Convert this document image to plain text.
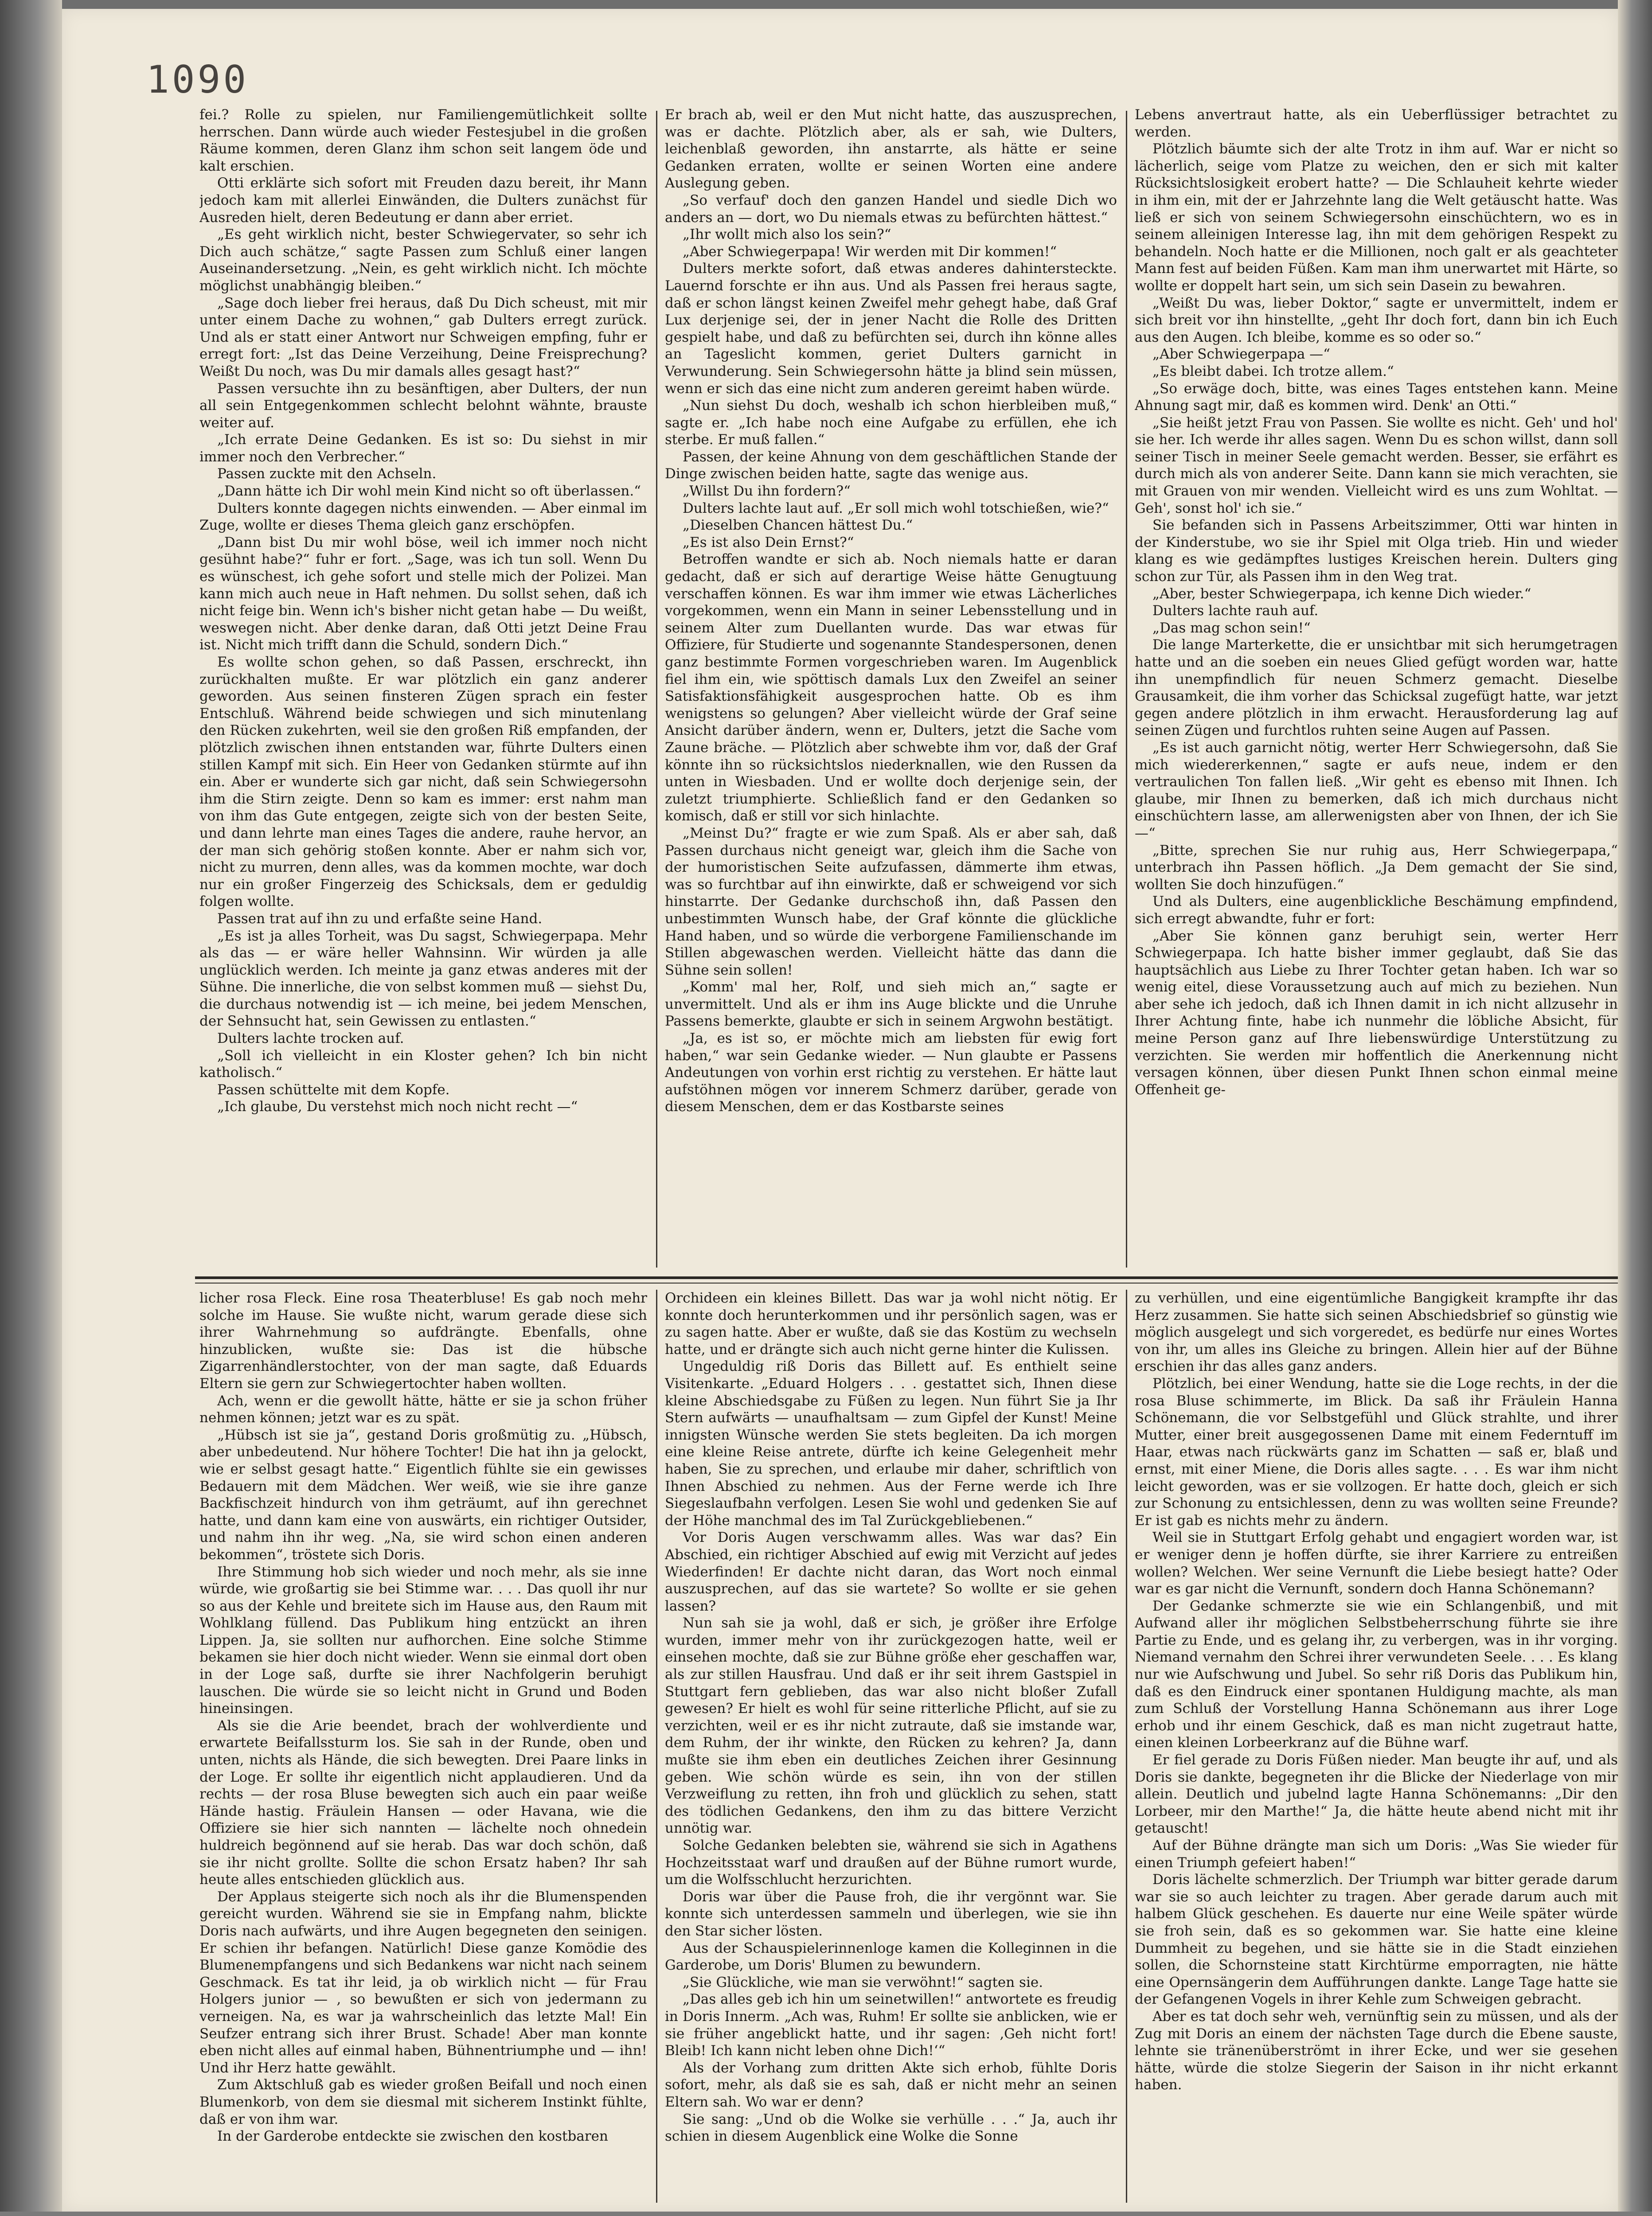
1090

fei.? Rolle zu spielen, nur Familiengemütlichkeit sollte herrschen. Dann würde auch wieder Festesjubel in die großen Räume kommen, deren Glanz ihm schon seit langem öde und kalt erschien.

Otti erklärte sich sofort mit Freuden dazu bereit, ihr Mann jedoch kam mit allerlei Einwänden, die Dulters zunächst für Ausreden hielt, deren Bedeutung er dann aber erriet.

„Es geht wirklich nicht, bester Schwiegervater, so sehr ich Dich auch schätze,“ sagte Passen zum Schluß einer langen Auseinandersetzung. „Nein, es geht wirklich nicht. Ich möchte möglichst unabhängig bleiben.“

„Sage doch lieber frei heraus, daß Du Dich scheust, mit mir unter einem Dache zu wohnen,“ gab Dulters erregt zurück. Und als er statt einer Antwort nur Schweigen empfing, fuhr er erregt fort: „Ist das Deine Verzeihung, Deine Freisprechung? Weißt Du noch, was Du mir damals alles gesagt hast?“

Passen versuchte ihn zu besänftigen, aber Dulters, der nun all sein Entgegenkommen schlecht belohnt wähnte, brauste weiter auf.

„Ich errate Deine Gedanken. Es ist so: Du siehst in mir immer noch den Verbrecher.“

Passen zuckte mit den Achseln.

„Dann hätte ich Dir wohl mein Kind nicht so oft überlassen.“

Dulters konnte dagegen nichts einwenden. — Aber einmal im Zuge, wollte er dieses Thema gleich ganz erschöpfen.

„Dann bist Du mir wohl böse, weil ich immer noch nicht gesühnt habe?“ fuhr er fort. „Sage, was ich tun soll. Wenn Du es wünschest, ich gehe sofort und stelle mich der Polizei. Man kann mich auch neue in Haft nehmen. Du sollst sehen, daß ich nicht feige bin. Wenn ich's bisher nicht getan habe — Du weißt, weswegen nicht. Aber denke daran, daß Otti jetzt Deine Frau ist. Nicht mich trifft dann die Schuld, sondern Dich.“

Es wollte schon gehen, so daß Passen, erschreckt, ihn zurückhalten mußte. Er war plötzlich ein ganz anderer geworden. Aus seinen finsteren Zügen sprach ein fester Entschluß. Während beide schwiegen und sich minutenlang den Rücken zukehrten, weil sie den großen Riß empfanden, der plötzlich zwischen ihnen entstanden war, führte Dulters einen stillen Kampf mit sich. Ein Heer von Gedanken stürmte auf ihn ein. Aber er wunderte sich gar nicht, daß sein Schwiegersohn ihm die Stirn zeigte. Denn so kam es immer: erst nahm man von ihm das Gute entgegen, zeigte sich von der besten Seite, und dann lehrte man eines Tages die andere, rauhe hervor, an der man sich gehörig stoßen konnte. Aber er nahm sich vor, nicht zu murren, denn alles, was da kommen mochte, war doch nur ein großer Fingerzeig des Schicksals, dem er geduldig folgen wollte.

Passen trat auf ihn zu und erfaßte seine Hand.

„Es ist ja alles Torheit, was Du sagst, Schwiegerpapa. Mehr als das — er wäre heller Wahnsinn. Wir würden ja alle unglücklich werden. Ich meinte ja ganz etwas anderes mit der Sühne. Die innerliche, die von selbst kommen muß — siehst Du, die durchaus notwendig ist — ich meine, bei jedem Menschen, der Sehnsucht hat, sein Gewissen zu entlasten.“

Dulters lachte trocken auf.

„Soll ich vielleicht in ein Kloster gehen? Ich bin nicht katholisch.“

Passen schüttelte mit dem Kopfe.

„Ich glaube, Du verstehst mich noch nicht recht —“

Er brach ab, weil er den Mut nicht hatte, das auszusprechen, was er dachte. Plötzlich aber, als er sah, wie Dulters, leichenblaß geworden, ihn anstarrte, als hätte er seine Gedanken erraten, wollte er seinen Worten eine andere Auslegung geben.

„So verfauf' doch den ganzen Handel und siedle Dich wo anders an — dort, wo Du niemals etwas zu befürchten hättest.“

„Ihr wollt mich also los sein?“

„Aber Schwiegerpapa! Wir werden mit Dir kommen!“

Dulters merkte sofort, daß etwas anderes dahintersteckte. Lauernd forschte er ihn aus. Und als Passen frei heraus sagte, daß er schon längst keinen Zweifel mehr gehegt habe, daß Graf Lux derjenige sei, der in jener Nacht die Rolle des Dritten gespielt habe, und daß zu befürchten sei, durch ihn könne alles an Tageslicht kommen, geriet Dulters garnicht in Verwunderung. Sein Schwiegersohn hätte ja blind sein müssen, wenn er sich das eine nicht zum anderen gereimt haben würde.

„Nun siehst Du doch, weshalb ich schon hierbleiben muß,“ sagte er. „Ich habe noch eine Aufgabe zu erfüllen, ehe ich sterbe. Er muß fallen.“

Passen, der keine Ahnung von dem geschäftlichen Stande der Dinge zwischen beiden hatte, sagte das wenige aus.

„Willst Du ihn fordern?“

Dulters lachte laut auf. „Er soll mich wohl totschießen, wie?“

„Dieselben Chancen hättest Du.“

„Es ist also Dein Ernst?“

Betroffen wandte er sich ab. Noch niemals hatte er daran gedacht, daß er sich auf derartige Weise hätte Genugtuung verschaffen können. Es war ihm immer wie etwas Lächerliches vorgekommen, wenn ein Mann in seiner Lebensstellung und in seinem Alter zum Duellanten wurde. Das war etwas für Offiziere, für Studierte und sogenannte Standespersonen, denen ganz bestimmte Formen vorgeschrieben waren. Im Augenblick fiel ihm ein, wie spöttisch damals Lux den Zweifel an seiner Satisfaktionsfähigkeit ausgesprochen hatte. Ob es ihm wenigstens so gelungen? Aber vielleicht würde der Graf seine Ansicht darüber ändern, wenn er, Dulters, jetzt die Sache vom Zaune bräche. — Plötzlich aber schwebte ihm vor, daß der Graf könnte ihn so rücksichtslos niederknallen, wie den Russen da unten in Wiesbaden. Und er wollte doch derjenige sein, der zuletzt triumphierte. Schließlich fand er den Gedanken so komisch, daß er still vor sich hinlachte.

„Meinst Du?“ fragte er wie zum Spaß. Als er aber sah, daß Passen durchaus nicht geneigt war, gleich ihm die Sache von der humoristischen Seite aufzufassen, dämmerte ihm etwas, was so furchtbar auf ihn einwirkte, daß er schweigend vor sich hinstarrte. Der Gedanke durchschoß ihn, daß Passen den unbestimmten Wunsch habe, der Graf könnte die glückliche Hand haben, und so würde die verborgene Familienschande im Stillen abgewaschen werden. Vielleicht hätte das dann die Sühne sein sollen!

„Komm' mal her, Rolf, und sieh mich an,“ sagte er unvermittelt. Und als er ihm ins Auge blickte und die Unruhe Passens bemerkte, glaubte er sich in seinem Argwohn bestätigt.

„Ja, es ist so, er möchte mich am liebsten für ewig fort haben,“ war sein Gedanke wieder. — Nun glaubte er Passens Andeutungen von vorhin erst richtig zu verstehen. Er hätte laut aufstöhnen mögen vor innerem Schmerz darüber, gerade von diesem Menschen, dem er das Kostbarste seines

Lebens anvertraut hatte, als ein Ueberflüssiger betrachtet zu werden.

Plötzlich bäumte sich der alte Trotz in ihm auf. War er nicht so lächerlich, seige vom Platze zu weichen, den er sich mit kalter Rücksichtslosigkeit erobert hatte? — Die Schlauheit kehrte wieder in ihm ein, mit der er Jahrzehnte lang die Welt getäuscht hatte. Was ließ er sich von seinem Schwiegersohn einschüchtern, wo es in seinem alleinigen Interesse lag, ihn mit dem gehörigen Respekt zu behandeln. Noch hatte er die Millionen, noch galt er als geachteter Mann fest auf beiden Füßen. Kam man ihm unerwartet mit Härte, so wollte er doppelt hart sein, um sich sein Dasein zu bewahren.

„Weißt Du was, lieber Doktor,“ sagte er unvermittelt, indem er sich breit vor ihn hinstellte, „geht Ihr doch fort, dann bin ich Euch aus den Augen. Ich bleibe, komme es so oder so.“

„Aber Schwiegerpapa —“

„Es bleibt dabei. Ich trotze allem.“

„So erwäge doch, bitte, was eines Tages entstehen kann. Meine Ahnung sagt mir, daß es kommen wird. Denk' an Otti.“

„Sie heißt jetzt Frau von Passen. Sie wollte es nicht. Geh' und hol' sie her. Ich werde ihr alles sagen. Wenn Du es schon willst, dann soll seiner Tisch in meiner Seele gemacht werden. Besser, sie erfährt es durch mich als von anderer Seite. Dann kann sie mich verachten, sie mit Grauen von mir wenden. Vielleicht wird es uns zum Wohltat. — Geh', sonst hol' ich sie.“

Sie befanden sich in Passens Arbeitszimmer, Otti war hinten in der Kinderstube, wo sie ihr Spiel mit Olga trieb. Hin und wieder klang es wie gedämpftes lustiges Kreischen herein. Dulters ging schon zur Tür, als Passen ihm in den Weg trat.

„Aber, bester Schwiegerpapa, ich kenne Dich wieder.“

Dulters lachte rauh auf.

„Das mag schon sein!“

Die lange Marterkette, die er unsichtbar mit sich herumgetragen hatte und an die soeben ein neues Glied gefügt worden war, hatte ihn unempfindlich für neuen Schmerz gemacht. Dieselbe Grausamkeit, die ihm vorher das Schicksal zugefügt hatte, war jetzt gegen andere plötzlich in ihm erwacht. Herausforderung lag auf seinen Zügen und furchtlos ruhten seine Augen auf Passen.

„Es ist auch garnicht nötig, werter Herr Schwiegersohn, daß Sie mich wiedererkennen,“ sagte er aufs neue, indem er den vertraulichen Ton fallen ließ. „Wir geht es ebenso mit Ihnen. Ich glaube, mir Ihnen zu bemerken, daß ich mich durchaus nicht einschüchtern lasse, am allerwenigsten aber von Ihnen, der ich Sie —“

„Bitte, sprechen Sie nur ruhig aus, Herr Schwiegerpapa,“ unterbrach ihn Passen höflich. „Ja Dem gemacht der Sie sind, wollten Sie doch hinzufügen.“

Und als Dulters, eine augenblickliche Beschämung empfindend, sich erregt abwandte, fuhr er fort:

„Aber Sie können ganz beruhigt sein, werter Herr Schwiegerpapa. Ich hatte bisher immer geglaubt, daß Sie das hauptsächlich aus Liebe zu Ihrer Tochter getan haben. Ich war so wenig eitel, diese Voraussetzung auch auf mich zu beziehen. Nun aber sehe ich jedoch, daß ich Ihnen damit in ich nicht allzusehr in Ihrer Achtung finte, habe ich nunmehr die löbliche Absicht, für meine Person ganz auf Ihre liebenswürdige Unterstützung zu verzichten. Sie werden mir hoffentlich die Anerkennung nicht versagen können, über diesen Punkt Ihnen schon einmal meine Offenheit ge-

licher rosa Fleck. Eine rosa Theaterbluse! Es gab noch mehr solche im Hause. Sie wußte nicht, warum gerade diese sich ihrer Wahrnehmung so aufdrängte. Ebenfalls, ohne hinzublicken, wußte sie: Das ist die hübsche Zigarrenhändlerstochter, von der man sagte, daß Eduards Eltern sie gern zur Schwiegertochter haben wollten.

Ach, wenn er die gewollt hätte, hätte er sie ja schon früher nehmen können; jetzt war es zu spät.

„Hübsch ist sie ja“, gestand Doris großmütig zu. „Hübsch, aber unbedeutend. Nur höhere Tochter! Die hat ihn ja gelockt, wie er selbst gesagt hatte.“ Eigentlich fühlte sie ein gewisses Bedauern mit dem Mädchen. Wer weiß, wie sie ihre ganze Backfischzeit hindurch von ihm geträumt, auf ihn gerechnet hatte, und dann kam eine von auswärts, ein richtiger Outsider, und nahm ihn ihr weg. „Na, sie wird schon einen anderen bekommen“, tröstete sich Doris.

Ihre Stimmung hob sich wieder und noch mehr, als sie inne würde, wie großartig sie bei Stimme war. . . . Das quoll ihr nur so aus der Kehle und breitete sich im Hause aus, den Raum mit Wohlklang füllend. Das Publikum hing entzückt an ihren Lippen. Ja, sie sollten nur aufhorchen. Eine solche Stimme bekamen sie hier doch nicht wieder. Wenn sie einmal dort oben in der Loge saß, durfte sie ihrer Nachfolgerin beruhigt lauschen. Die würde sie so leicht nicht in Grund und Boden hineinsingen.

Als sie die Arie beendet, brach der wohlverdiente und erwartete Beifallssturm los. Sie sah in der Runde, oben und unten, nichts als Hände, die sich bewegten. Drei Paare links in der Loge. Er sollte ihr eigentlich nicht applaudieren. Und da rechts — der rosa Bluse bewegten sich auch ein paar weiße Hände hastig. Fräulein Hansen — oder Havana, wie die Offiziere sie hier sich nannten — lächelte noch ohnedein huldreich begönnend auf sie herab. Das war doch schön, daß sie ihr nicht grollte. Sollte die schon Ersatz haben? Ihr sah heute alles entschieden glücklich aus.

Der Applaus steigerte sich noch als ihr die Blumenspenden gereicht wurden. Während sie sie in Empfang nahm, blickte Doris nach aufwärts, und ihre Augen begegneten den seinigen. Er schien ihr befangen. Natürlich! Diese ganze Komödie des Blumenempfangens und sich Bedankens war nicht nach seinem Geschmack. Es tat ihr leid, ja ob wirklich nicht — für Frau Holgers junior — , so bewußten er sich von jedermann zu verneigen. Na, es war ja wahrscheinlich das letzte Mal! Ein Seufzer entrang sich ihrer Brust. Schade! Aber man konnte eben nicht alles auf einmal haben, Bühnentriumphe und — ihn! Und ihr Herz hatte gewählt.

Zum Aktschluß gab es wieder großen Beifall und noch einen Blumenkorb, von dem sie diesmal mit sicherem Instinkt fühlte, daß er von ihm war.

In der Garderobe entdeckte sie zwischen den kostbaren

Orchideen ein kleines Billett. Das war ja wohl nicht nötig. Er konnte doch herunterkommen und ihr persönlich sagen, was er zu sagen hatte. Aber er wußte, daß sie das Kostüm zu wechseln hatte, und er drängte sich auch nicht gerne hinter die Kulissen.

Ungeduldig riß Doris das Billett auf. Es enthielt seine Visitenkarte. „Eduard Holgers . . . gestattet sich, Ihnen diese kleine Abschiedsgabe zu Füßen zu legen. Nun führt Sie ja Ihr Stern aufwärts — unaufhaltsam — zum Gipfel der Kunst! Meine innigsten Wünsche werden Sie stets begleiten. Da ich morgen eine kleine Reise antrete, dürfte ich keine Gelegenheit mehr haben, Sie zu sprechen, und erlaube mir daher, schriftlich von Ihnen Abschied zu nehmen. Aus der Ferne werde ich Ihre Siegeslaufbahn verfolgen. Lesen Sie wohl und gedenken Sie auf der Höhe manchmal des im Tal Zurückgebliebenen.“

Vor Doris Augen verschwamm alles. Was war das? Ein Abschied, ein richtiger Abschied auf ewig mit Verzicht auf jedes Wiederfinden! Er dachte nicht daran, das Wort noch einmal auszusprechen, auf das sie wartete? So wollte er sie gehen lassen?

Nun sah sie ja wohl, daß er sich, je größer ihre Erfolge wurden, immer mehr von ihr zurückgezogen hatte, weil er einsehen mochte, daß sie zur Bühne größe eher geschaffen war, als zur stillen Hausfrau. Und daß er ihr seit ihrem Gastspiel in Stuttgart fern geblieben, das war also nicht bloßer Zufall gewesen? Er hielt es wohl für seine ritterliche Pflicht, auf sie zu verzichten, weil er es ihr nicht zutraute, daß sie imstande war, dem Ruhm, der ihr winkte, den Rücken zu kehren? Ja, dann mußte sie ihm eben ein deutliches Zeichen ihrer Gesinnung geben. Wie schön würde es sein, ihn von der stillen Verzweiflung zu retten, ihn froh und glücklich zu sehen, statt des tödlichen Gedankens, den ihm zu das bittere Verzicht unnötig war.

Solche Gedanken belebten sie, während sie sich in Agathens Hochzeitsstaat warf und draußen auf der Bühne rumort wurde, um die Wolfsschlucht herzurichten.

Doris war über die Pause froh, die ihr vergönnt war. Sie konnte sich unterdessen sammeln und überlegen, wie sie ihn den Star sicher lösten.

Aus der Schauspielerinnenloge kamen die Kolleginnen in die Garderobe, um Doris' Blumen zu bewundern.

„Sie Glückliche, wie man sie verwöhnt!“ sagten sie.

„Das alles geb ich hin um seinetwillen!“ antwortete es freudig in Doris Innerm. „Ach was, Ruhm! Er sollte sie anblicken, wie er sie früher angeblickt hatte, und ihr sagen: ‚Geh nicht fort! Bleib! Ich kann nicht leben ohne Dich!‘“

Als der Vorhang zum dritten Akte sich erhob, fühlte Doris sofort, mehr, als daß sie es sah, daß er nicht mehr an seinen Eltern sah. Wo war er denn?

Sie sang: „Und ob die Wolke sie verhülle . . .“ Ja, auch ihr schien in diesem Augenblick eine Wolke die Sonne

zu verhüllen, und eine eigentümliche Bangigkeit krampfte ihr das Herz zusammen. Sie hatte sich seinen Abschiedsbrief so günstig wie möglich ausgelegt und sich vorgeredet, es bedürfe nur eines Wortes von ihr, um alles ins Gleiche zu bringen. Allein hier auf der Bühne erschien ihr das alles ganz anders.

Plötzlich, bei einer Wendung, hatte sie die Loge rechts, in der die rosa Bluse schimmerte, im Blick. Da saß ihr Fräulein Hanna Schönemann, die vor Selbstgefühl und Glück strahlte, und ihrer Mutter, einer breit ausgegossenen Dame mit einem Federntuff im Haar, etwas nach rückwärts ganz im Schatten — saß er, blaß und ernst, mit einer Miene, die Doris alles sagte. . . . Es war ihm nicht leicht geworden, was er sie vollzogen. Er hatte doch, gleich er sich zur Schonung zu entsichlessen, denn zu was wollten seine Freunde? Er ist gab es nichts mehr zu ändern.

Weil sie in Stuttgart Erfolg gehabt und engagiert worden war, ist er weniger denn je hoffen dürfte, sie ihrer Karriere zu entreißen wollen? Welchen. Wer seine Vernunft die Liebe besiegt hatte? Oder war es gar nicht die Vernunft, sondern doch Hanna Schönemann?

Der Gedanke schmerzte sie wie ein Schlangenbiß, und mit Aufwand aller ihr möglichen Selbstbeherrschung führte sie ihre Partie zu Ende, und es gelang ihr, zu verbergen, was in ihr vorging. Niemand vernahm den Schrei ihrer verwundeten Seele. . . . Es klang nur wie Aufschwung und Jubel. So sehr riß Doris das Publikum hin, daß es den Eindruck einer spontanen Huldigung machte, als man zum Schluß der Vorstellung Hanna Schönemann aus ihrer Loge erhob und ihr einem Geschick, daß es man nicht zugetraut hatte, einen kleinen Lorbeerkranz auf die Bühne warf.

Er fiel gerade zu Doris Füßen nieder. Man beugte ihr auf, und als Doris sie dankte, begegneten ihr die Blicke der Niederlage von mir allein. Deutlich und jubelnd lagte Hanna Schönemanns: „Dir den Lorbeer, mir den Marthe!“ Ja, die hätte heute abend nicht mit ihr getauscht!

Auf der Bühne drängte man sich um Doris: „Was Sie wieder für einen Triumph gefeiert haben!“

Doris lächelte schmerzlich. Der Triumph war bitter gerade darum war sie so auch leichter zu tragen. Aber gerade darum auch mit halbem Glück geschehen. Es dauerte nur eine Weile später würde sie froh sein, daß es so gekommen war. Sie hatte eine kleine Dummheit zu begehen, und sie hätte sie in die Stadt einziehen sollen, die Schornsteine statt Kirchtürme emporragten, nie hätte eine Opernsängerin dem Aufführungen dankte. Lange Tage hatte sie der Gefangenen Vogels in ihrer Kehle zum Schweigen gebracht.

Aber es tat doch sehr weh, vernünftig sein zu müssen, und als der Zug mit Doris an einem der nächsten Tage durch die Ebene sauste, lehnte sie tränenüberströmt in ihrer Ecke, und wer sie gesehen hätte, würde die stolze Siegerin der Saison in ihr nicht erkannt haben.
